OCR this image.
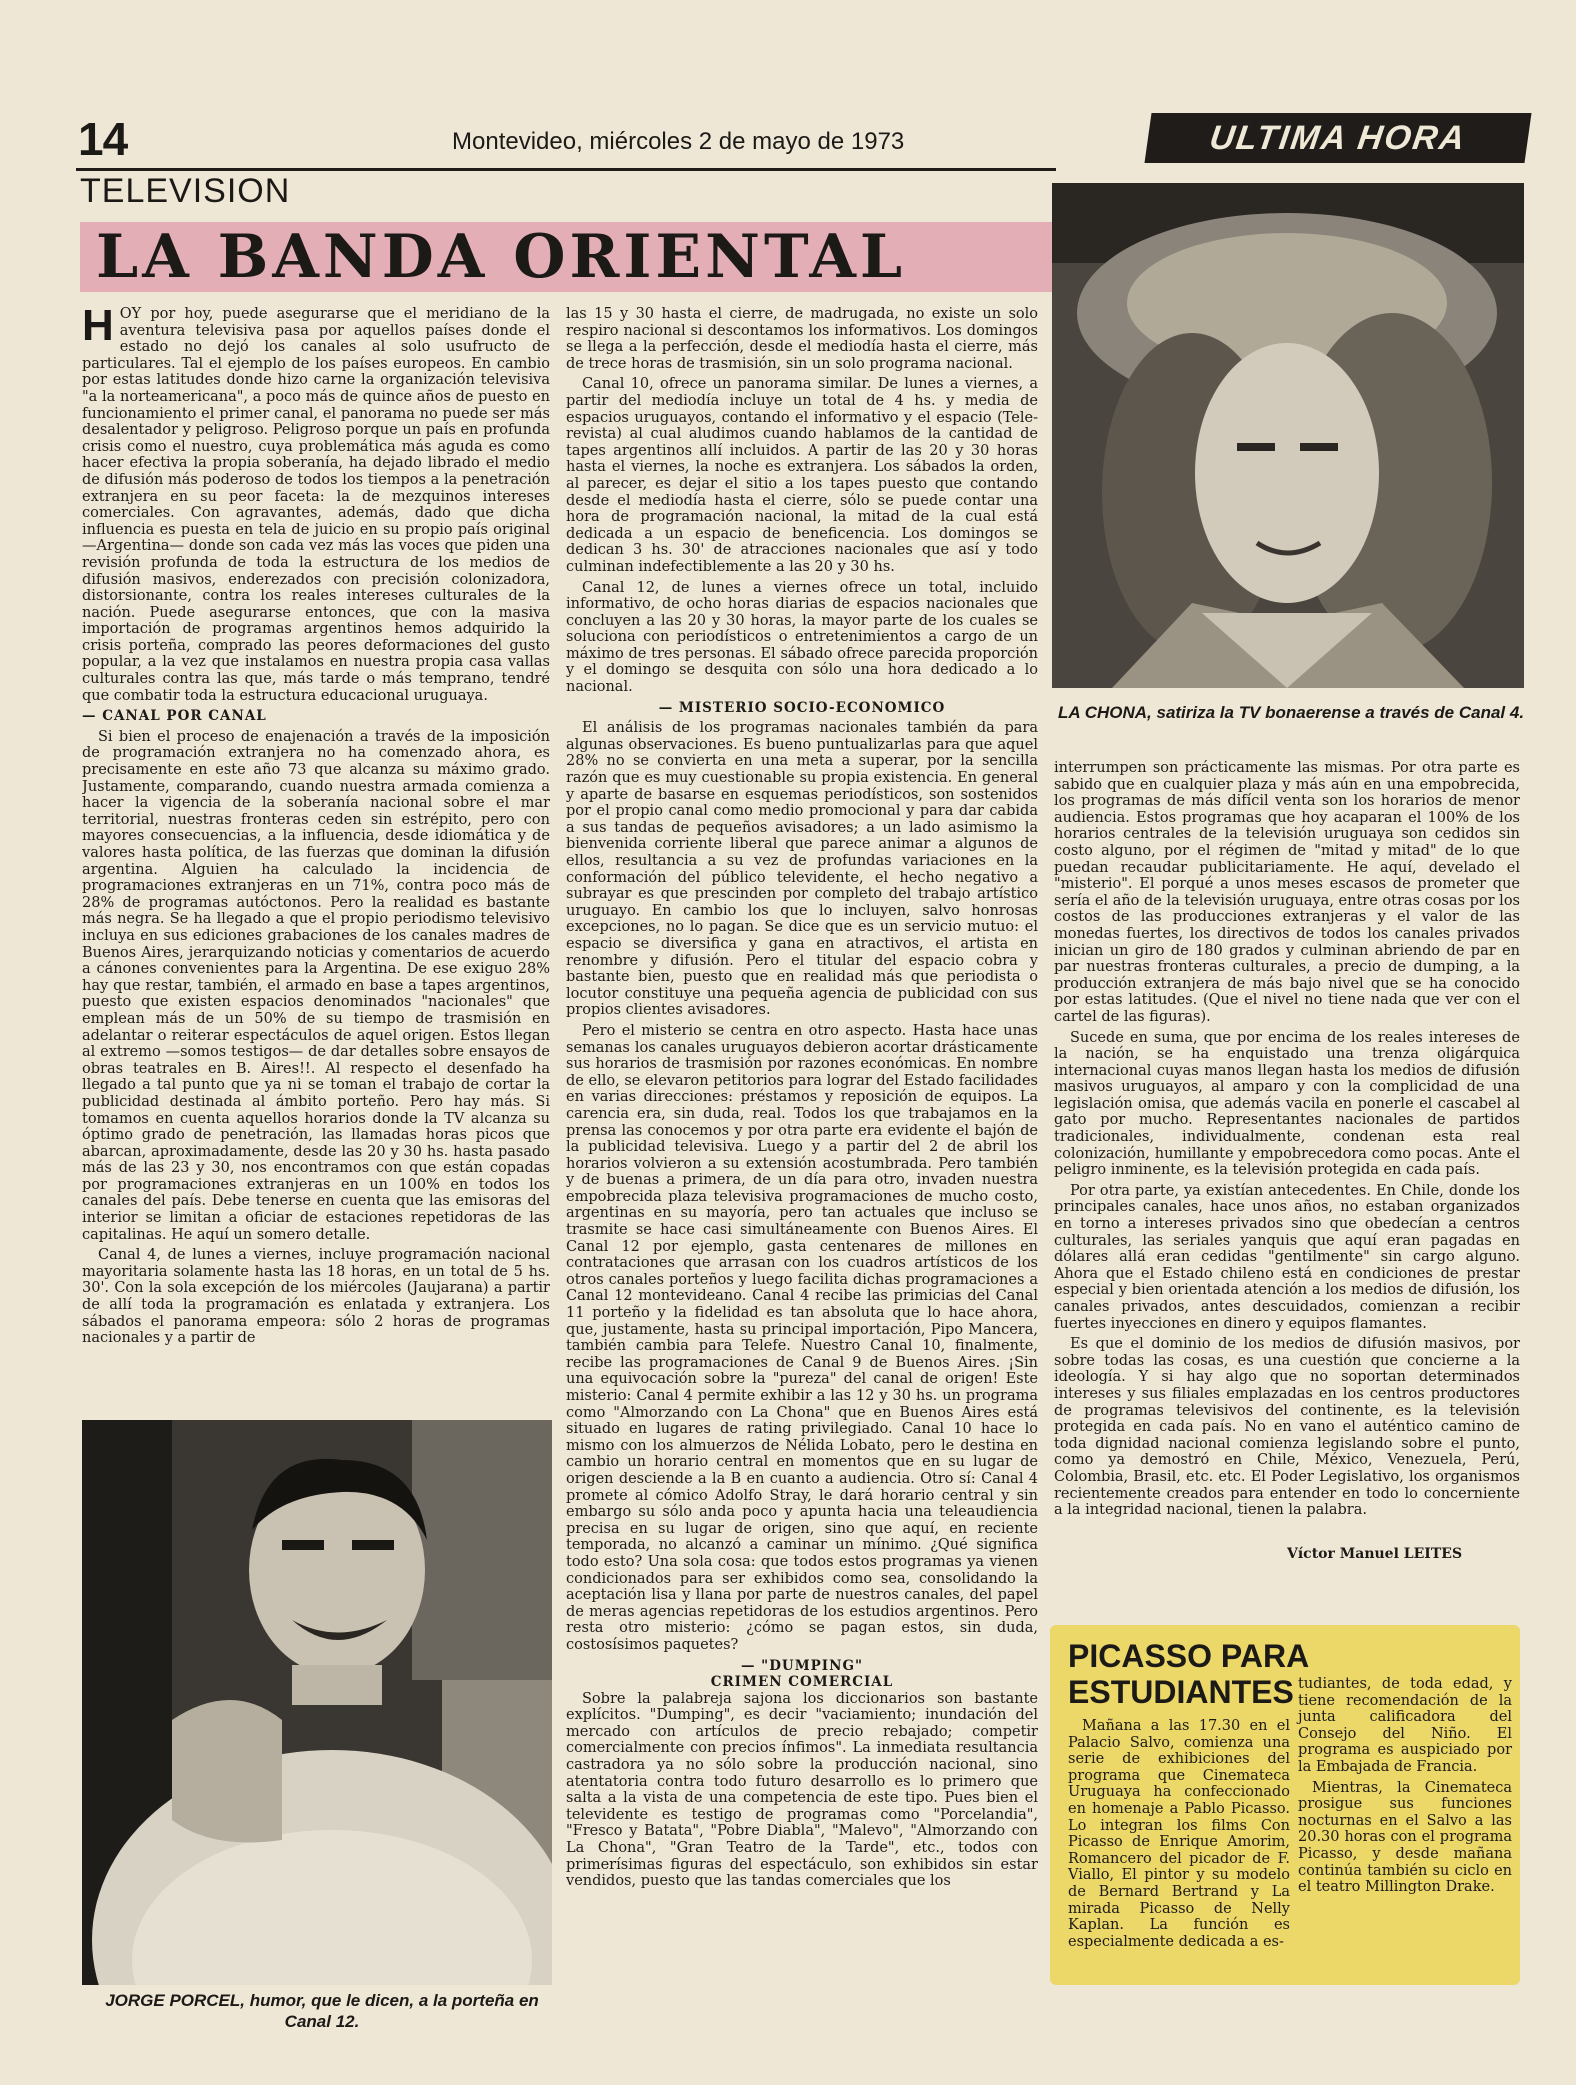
14	Montevideo, miércoles 2 de mayo de 1973	ULTIMA HORA
TELEVISION
LA BANDA ORIENTAL

HOY por hoy, puede asegurarse que el meridiano de la aventura televisiva pasa por aquellos países donde el estado no dejó los canales al solo usufructo de particulares. Tal el ejemplo de los países europeos. En cambio por estas latitudes donde hizo carne la organización televisiva "a la norteamericana", a poco más de quince años de puesto en funcionamiento el primer canal, el panorama no puede ser más desalentador y peligroso. Peligroso porque un país en profunda crisis como el nuestro, cuya problemática más aguda es como hacer efectiva la propia soberanía, ha dejado librado el medio de difusión más poderoso de todos los tiempos a la penetración extranjera en su peor faceta: la de mezquinos intereses comerciales. Con agravantes, además, dado que dicha influencia es puesta en tela de juicio en su propio país original —Argentina— donde son cada vez más las voces que piden una revisión profunda de toda la estructura de los medios de difusión masivos, enderezados con precisión colonizadora, distorsionante, contra los reales intereses culturales de la nación. Puede asegurarse entonces, que con la masiva importación de programas argentinos hemos adquirido la crisis porteña, comprado las peores deformaciones del gusto popular, a la vez que instalamos en nuestra propia casa vallas culturales contra las que, más tarde o más temprano, tendré que combatir toda la estructura educacional uruguaya.

— CANAL POR CANAL

Si bien el proceso de enajenación a través de la imposición de programación extranjera no ha comenzado ahora, es precisamente en este año 73 que alcanza su máximo grado. Justamente, comparando, cuando nuestra armada comienza a hacer la vigencia de la soberanía nacional sobre el mar territorial, nuestras fronteras ceden sin estrépito, pero con mayores consecuencias, a la influencia, desde idiomática y de valores hasta política, de las fuerzas que dominan la difusión argentina. Alguien ha calculado la incidencia de programaciones extranjeras en un 71%, contra poco más de 28% de programas autóctonos. Pero la realidad es bastante más negra. Se ha llegado a que el propio periodismo televisivo incluya en sus ediciones grabaciones de los canales madres de Buenos Aires, jerarquizando noticias y comentarios de acuerdo a cánones convenientes para la Argentina. De ese exiguo 28% hay que restar, también, el armado en base a tapes argentinos, puesto que existen espacios denominados "nacionales" que emplean más de un 50% de su tiempo de trasmisión en adelantar o reiterar espectáculos de aquel origen. Estos llegan al extremo —somos testigos— de dar detalles sobre ensayos de obras teatrales en B. Aires!!. Al respecto el desenfado ha llegado a tal punto que ya ni se toman el trabajo de cortar la publicidad destinada al ámbito porteño. Pero hay más. Si tomamos en cuenta aquellos horarios donde la TV alcanza su óptimo grado de penetración, las llamadas horas picos que abarcan, aproximadamente, desde las 20 y 30 hs. hasta pasado más de las 23 y 30, nos encontramos con que están copadas por programaciones extranjeras en un 100% en todos los canales del país. Debe tenerse en cuenta que las emisoras del interior se limitan a oficiar de estaciones repetidoras de las capitalinas. He aquí un somero detalle.

Canal 4, de lunes a viernes, incluye programación nacional mayoritaria solamente hasta las 18 horas, en un total de 5 hs. 30'. Con la sola excepción de los miércoles (Jaujarana) a partir de allí toda la programación es enlatada y extranjera. Los sábados el panorama empeora: sólo 2 horas de programas nacionales y a partir de

JORGE PORCEL, humor, que le dicen, a la porteña en Canal 12.

las 15 y 30 hasta el cierre, de madrugada, no existe un solo respiro nacional si descontamos los informativos. Los domingos se llega a la perfección, desde el mediodía hasta el cierre, más de trece horas de trasmisión, sin un solo programa nacional.

Canal 10, ofrece un panorama similar. De lunes a viernes, a partir del mediodía incluye un total de 4 hs. y media de espacios uruguayos, contando el informativo y el espacio (Tele-revista) al cual aludimos cuando hablamos de la cantidad de tapes argentinos allí incluidos. A partir de las 20 y 30 horas hasta el viernes, la noche es extranjera. Los sábados la orden, al parecer, es dejar el sitio a los tapes puesto que contando desde el mediodía hasta el cierre, sólo se puede contar una hora de programación nacional, la mitad de la cual está dedicada a un espacio de beneficencia. Los domingos se dedican 3 hs. 30' de atracciones nacionales que así y todo culminan indefectiblemente a las 20 y 30 hs.

Canal 12, de lunes a viernes ofrece un total, incluido informativo, de ocho horas diarias de espacios nacionales que concluyen a las 20 y 30 horas, la mayor parte de los cuales se soluciona con periodísticos o entretenimientos a cargo de un máximo de tres personas. El sábado ofrece parecida proporción y el domingo se desquita con sólo una hora dedicado a lo nacional.

— MISTERIO SOCIO-ECONOMICO

El análisis de los programas nacionales también da para algunas observaciones. Es bueno puntualizarlas para que aquel 28% no se convierta en una meta a superar, por la sencilla razón que es muy cuestionable su propia existencia. En general y aparte de basarse en esquemas periodísticos, son sostenidos por el propio canal como medio promocional y para dar cabida a sus tandas de pequeños avisadores; a un lado asimismo la bienvenida corriente liberal que parece animar a algunos de ellos, resultancia a su vez de profundas variaciones en la conformación del público televidente, el hecho negativo a subrayar es que prescinden por completo del trabajo artístico uruguayo. En cambio los que lo incluyen, salvo honrosas excepciones, no lo pagan. Se dice que es un servicio mutuo: el espacio se diversifica y gana en atractivos, el artista en renombre y difusión. Pero el titular del espacio cobra y bastante bien, puesto que en realidad más que periodista o locutor constituye una pequeña agencia de publicidad con sus propios clientes avisadores.

Pero el misterio se centra en otro aspecto. Hasta hace unas semanas los canales uruguayos debieron acortar drásticamente sus horarios de trasmisión por razones económicas. En nombre de ello, se elevaron petitorios para lograr del Estado facilidades en varias direcciones: préstamos y reposición de equipos. La carencia era, sin duda, real. Todos los que trabajamos en la prensa las conocemos y por otra parte era evidente el bajón de la publicidad televisiva. Luego y a partir del 2 de abril los horarios volvieron a su extensión acostumbrada. Pero también y de buenas a primera, de un día para otro, invaden nuestra empobrecida plaza televisiva programaciones de mucho costo, argentinas en su mayoría, pero tan actuales que incluso se trasmite se hace casi simultáneamente con Buenos Aires. El Canal 12 por ejemplo, gasta centenares de millones en contrataciones que arrasan con los cuadros artísticos de los otros canales porteños y luego facilita dichas programaciones a Canal 12 montevideano. Canal 4 recibe las primicias del Canal 11 porteño y la fidelidad es tan absoluta que lo hace ahora, que, justamente, hasta su principal importación, Pipo Mancera, también cambia para Telefe. Nuestro Canal 10, finalmente, recibe las programaciones de Canal 9 de Buenos Aires. ¡Sin una equivocación sobre la "pureza" del canal de origen! Este misterio: Canal 4 permite exhibir a las 12 y 30 hs. un programa como "Almorzando con La Chona" que en Buenos Aires está situado en lugares de rating privilegiado. Canal 10 hace lo mismo con los almuerzos de Nélida Lobato, pero le destina en cambio un horario central en momentos que en su lugar de origen desciende a la B en cuanto a audiencia. Otro sí: Canal 4 promete al cómico Adolfo Stray, le dará horario central y sin embargo su sólo anda poco y apunta hacia una teleaudiencia precisa en su lugar de origen, sino que aquí, en reciente temporada, no alcanzó a caminar un mínimo. ¿Qué significa todo esto? Una sola cosa: que todos estos programas ya vienen condicionados para ser exhibidos como sea, consolidando la aceptación lisa y llana por parte de nuestros canales, del papel de meras agencias repetidoras de los estudios argentinos. Pero resta otro misterio: ¿cómo se pagan estos, sin duda, costosísimos paquetes?

— "DUMPING"
CRIMEN COMERCIAL

Sobre la palabreja sajona los diccionarios son bastante explícitos. "Dumping", es decir "vaciamiento; inundación del mercado con artículos de precio rebajado; competir comercialmente con precios ínfimos". La inmediata resultancia castradora ya no sólo sobre la producción nacional, sino atentatoria contra todo futuro desarrollo es lo primero que salta a la vista de una competencia de este tipo. Pues bien el televidente es testigo de programas como "Porcelandia", "Fresco y Batata", "Pobre Diabla", "Malevo", "Almorzando con La Chona", "Gran Teatro de la Tarde", etc., todos con primerísimas figuras del espectáculo, son exhibidos sin estar vendidos, puesto que las tandas comerciales que los

LA CHONA, satiriza la TV bonaerense a través de Canal 4.

interrumpen son prácticamente las mismas. Por otra parte es sabido que en cualquier plaza y más aún en una empobrecida, los programas de más difícil venta son los horarios de menor audiencia. Estos programas que hoy acaparan el 100% de los horarios centrales de la televisión uruguaya son cedidos sin costo alguno, por el régimen de "mitad y mitad" de lo que puedan recaudar publicitariamente. He aquí, develado el "misterio". El porqué a unos meses escasos de prometer que sería el año de la televisión uruguaya, entre otras cosas por los costos de las producciones extranjeras y el valor de las monedas fuertes, los directivos de todos los canales privados inician un giro de 180 grados y culminan abriendo de par en par nuestras fronteras culturales, a precio de dumping, a la producción extranjera de más bajo nivel que se ha conocido por estas latitudes. (Que el nivel no tiene nada que ver con el cartel de las figuras).

Sucede en suma, que por encima de los reales intereses de la nación, se ha enquistado una trenza oligárquica internacional cuyas manos llegan hasta los medios de difusión masivos uruguayos, al amparo y con la complicidad de una legislación omisa, que además vacila en ponerle el cascabel al gato por mucho. Representantes nacionales de partidos tradicionales, individualmente, condenan esta real colonización, humillante y empobrecedora como pocas. Ante el peligro inminente, es la televisión protegida en cada país.

Por otra parte, ya existían antecedentes. En Chile, donde los principales canales, hace unos años, no estaban organizados en torno a intereses privados sino que obedecían a centros culturales, las seriales yanquis que aquí eran pagadas en dólares allá eran cedidas "gentilmente" sin cargo alguno. Ahora que el Estado chileno está en condiciones de prestar especial y bien orientada atención a los medios de difusión, los canales privados, antes descuidados, comienzan a recibir fuertes inyecciones en dinero y equipos flamantes.

Es que el dominio de los medios de difusión masivos, por sobre todas las cosas, es una cuestión que concierne a la ideología. Y si hay algo que no soportan determinados intereses y sus filiales emplazadas en los centros productores de programas televisivos del continente, es la televisión protegida en cada país. No en vano el auténtico camino de toda dignidad nacional comienza legislando sobre el punto, como ya demostró en Chile, México, Venezuela, Perú, Colombia, Brasil, etc. etc. El Poder Legislativo, los organismos recientemente creados para entender en todo lo concerniente a la integridad nacional, tienen la palabra.

Víctor Manuel LEITES
PICASSO PARA ESTUDIANTES

Mañana a las 17.30 en el Palacio Salvo, comienza una serie de exhibiciones del programa que Cinemateca Uruguaya ha confeccionado en homenaje a Pablo Picasso. Lo integran los films Con Picasso de Enrique Amorim, Romancero del picador de F. Viallo, El pintor y su modelo de Bernard Bertrand y La mirada Picasso de Nelly Kaplan. La función es especialmente dedicada a es-

tudiantes, de toda edad, y tiene recomendación de la junta calificadora del Consejo del Niño. El programa es auspiciado por la Embajada de Francia.

Mientras, la Cinemateca prosigue sus funciones nocturnas en el Salvo a las 20.30 horas con el programa Picasso, y desde mañana continúa también su ciclo en el teatro Millington Drake.
